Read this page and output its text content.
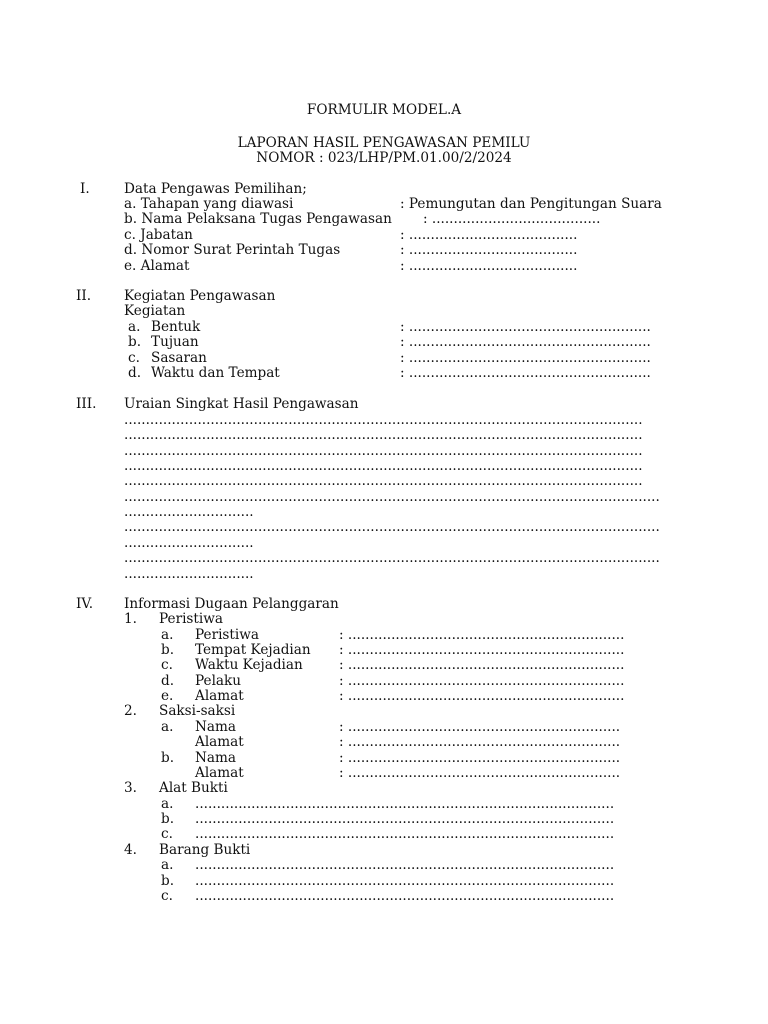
FORMULIR MODEL.A
LAPORAN HASIL PENGAWASAN PEMILU
NOMOR : 023/LHP/PM.01.00/2/2024
I.	Data Pengawas Pemilihan;
a. Tahapan yang diawasi	: Pemungutan dan Pengitungan Suara
b. Nama Pelaksana Tugas Pengawasan : .......................................
c. Jabatan	: .......................................
d. Nomor Surat Perintah Tugas	: .......................................
e. Alamat	: .......................................
II. Kegiatan Pengawasan
Kegiatan
a. Bentuk	: ........................................................
b. Tujuan	: ........................................................
c. Sasaran	: ........................................................
d. Waktu dan Tempat	: ........................................................
III. Uraian Singkat Hasil Pengawasan
........................................................................................................................
........................................................................................................................
........................................................................................................................
........................................................................................................................
........................................................................................................................
............................................................................................................................
..............................
............................................................................................................................
..............................
............................................................................................................................
..............................
IV. Informasi Dugaan Pelanggaran
1. Peristiwa
a. Peristiwa	: ................................................................
b. Tempat Kejadian : ................................................................
c. Waktu Kejadian	: ................................................................
d. Pelaku	: ................................................................
e. Alamat	: ................................................................
2. Saksi-saksi
a. Nama	: ...............................................................
Alamat	: ...............................................................
b. Nama	: ...............................................................
Alamat	: ...............................................................
3. Alat Bukti
a. .................................................................................................
b. .................................................................................................
c. .................................................................................................
4. Barang Bukti
a. .................................................................................................
b. .................................................................................................
c. .................................................................................................
